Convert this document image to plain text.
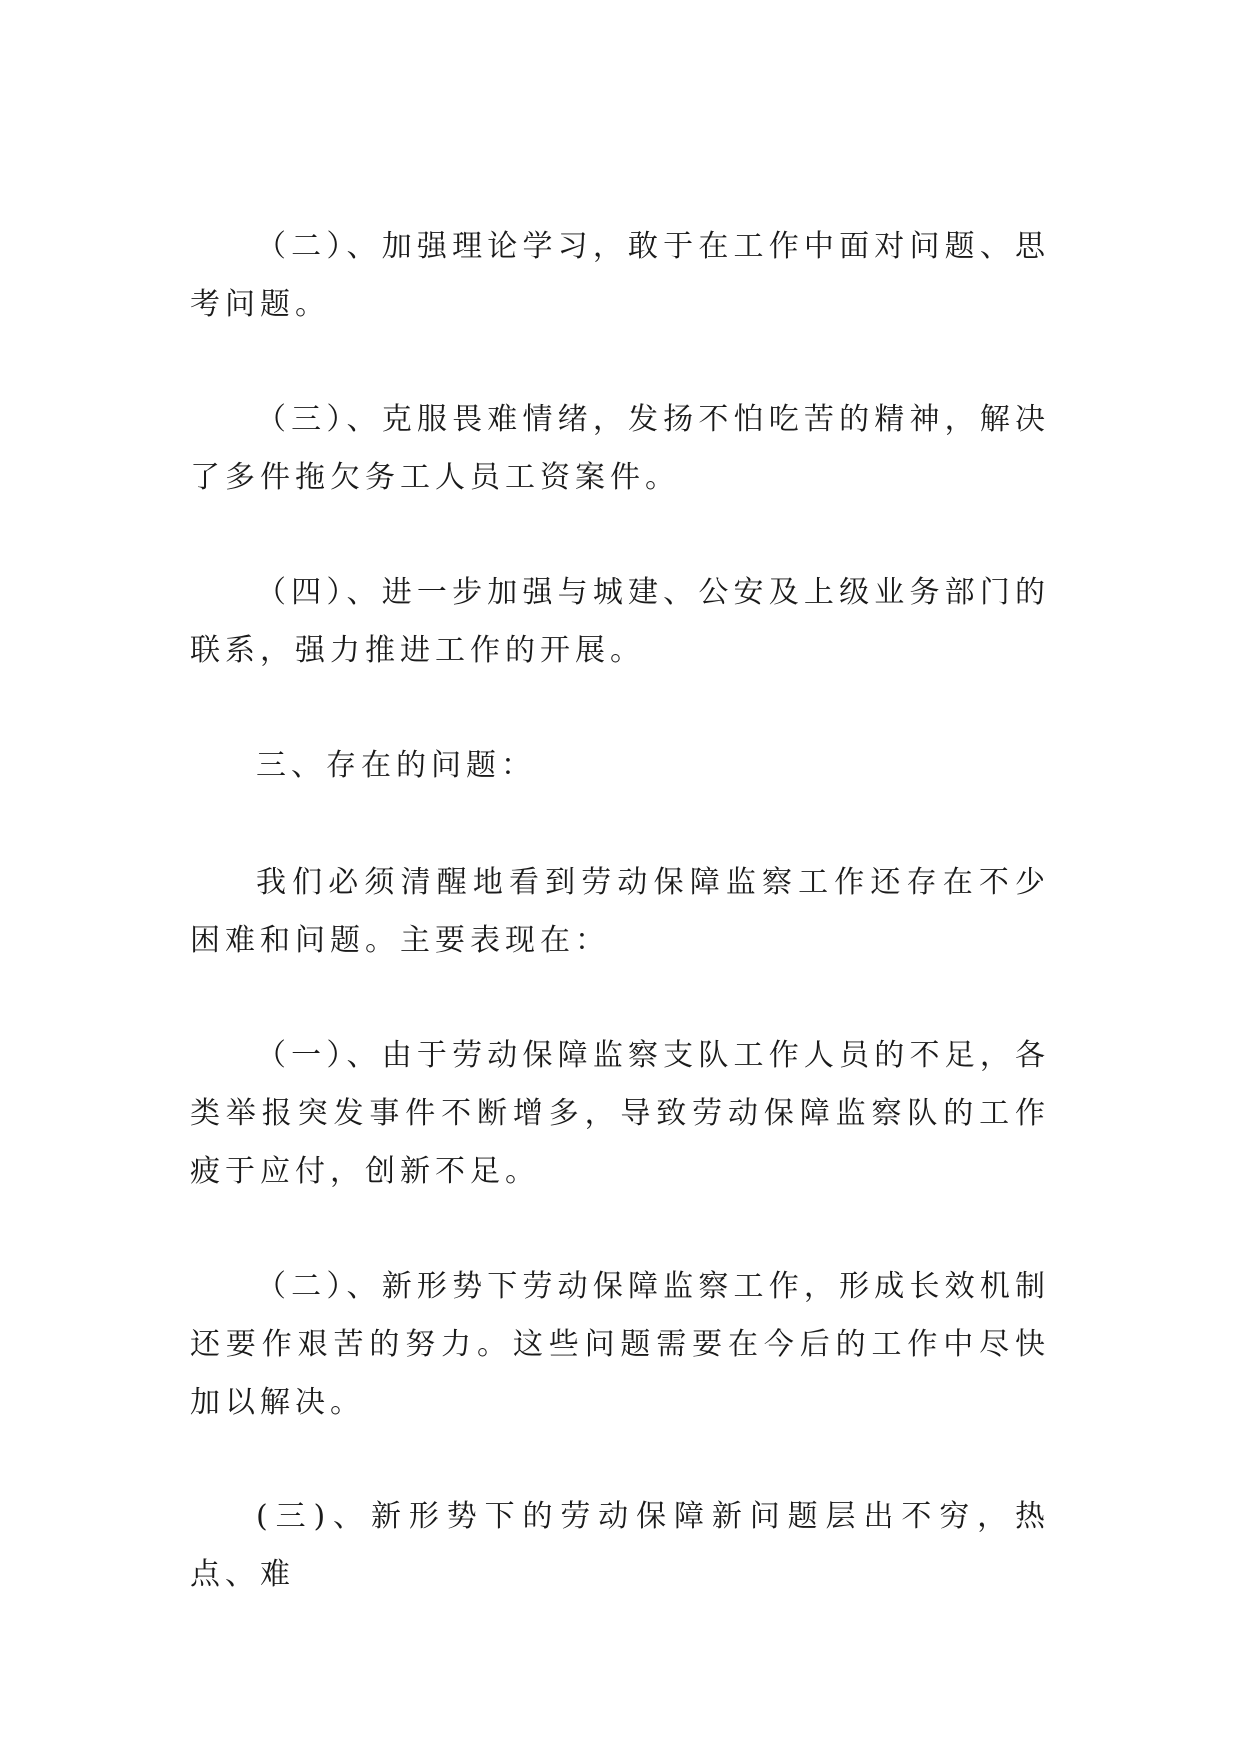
（二）、加强理论学习，敢于在工作中面对问题、思考问题。

（三）、克服畏难情绪，发扬不怕吃苦的精神，解决了多件拖欠务工人员工资案件。

（四）、进一步加强与城建、公安及上级业务部门的联系，强力推进工作的开展。

三、存在的问题：

我们必须清醒地看到劳动保障监察工作还存在不少困难和问题。主要表现在：

（一）、由于劳动保障监察支队工作人员的不足，各类举报突发事件不断增多，导致劳动保障监察队的工作疲于应付，创新不足。

（二）、新形势下劳动保障监察工作，形成长效机制还要作艰苦的努力。这些问题需要在今后的工作中尽快加以解决。

(三)、新形势下的劳动保障新问题层出不穷，热点、难
